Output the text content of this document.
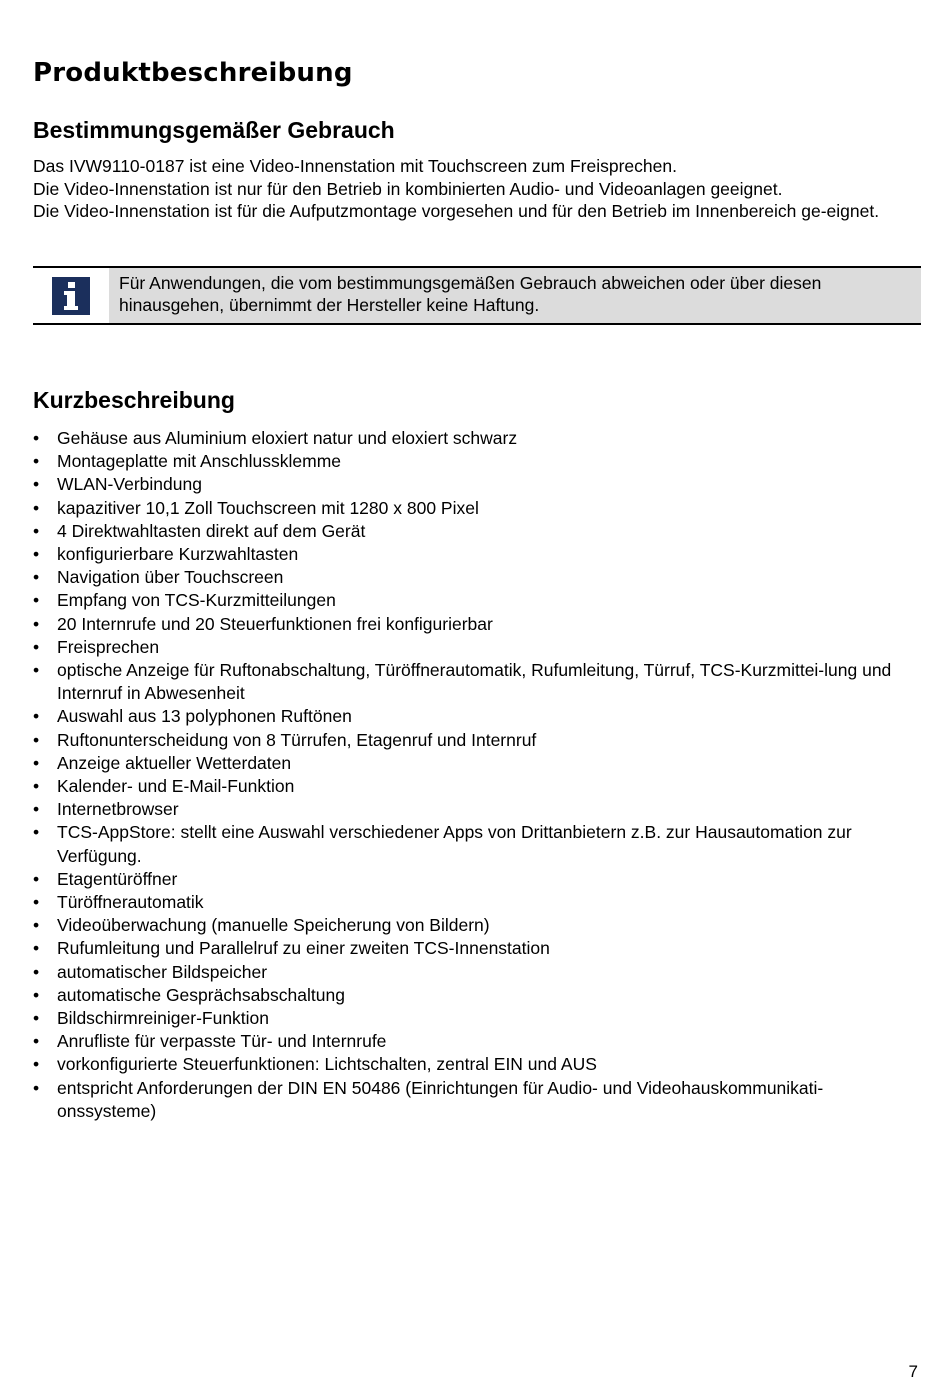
Produktbeschreibung
Bestimmungsgemäßer Gebrauch

Das IVW9110-0187 ist eine Video-Innenstation mit Touchscreen zum Freisprechen.

Die Video-Innenstation ist nur für den Betrieb in kombinierten Audio- und Videoanlagen geeignet.

Die Video-Innenstation ist für die Aufputzmontage vorgesehen und für den Betrieb im Innenbereich ge-eignet.

Für Anwendungen, die vom bestimmungsgemäßen Gebrauch abweichen oder über diesen hinausgehen, übernimmt der Hersteller keine Haftung.
Kurzbeschreibung
• Gehäuse aus Aluminium eloxiert natur und eloxiert schwarz
• Montageplatte mit Anschlussklemme
• WLAN-Verbindung
• kapazitiver 10,1 Zoll Touchscreen mit 1280 x 800 Pixel
• 4 Direktwahltasten direkt auf dem Gerät
• konfigurierbare Kurzwahltasten
• Navigation über Touchscreen
• Empfang von TCS-Kurzmitteilungen
• 20 Internrufe und 20 Steuerfunktionen frei konfigurierbar
• Freisprechen
• optische Anzeige für Ruftonabschaltung, Türöffnerautomatik, Rufumleitung, Türruf, TCS-Kurzmittei-lung und Internruf in Abwesenheit
• Auswahl aus 13 polyphonen Ruftönen
• Ruftonunterscheidung von 8 Türrufen, Etagenruf und Internruf
• Anzeige aktueller Wetterdaten
• Kalender- und E-Mail-Funktion
• Internetbrowser
• TCS-AppStore: stellt eine Auswahl verschiedener Apps von Drittanbietern z.B. zur Hausautomation zur Verfügung.
• Etagentüröffner
• Türöffnerautomatik
• Videoüberwachung (manuelle Speicherung von Bildern)
• Rufumleitung und Parallelruf zu einer zweiten TCS-Innenstation
• automatischer Bildspeicher
• automatische Gesprächsabschaltung
• Bildschirmreiniger-Funktion
• Anrufliste für verpasste Tür- und Internrufe
• vorkonfigurierte Steuerfunktionen: Lichtschalten, zentral EIN und AUS
• entspricht Anforderungen der DIN EN 50486 (Einrichtungen für Audio- und Videohauskommunikati-onssysteme)
7
